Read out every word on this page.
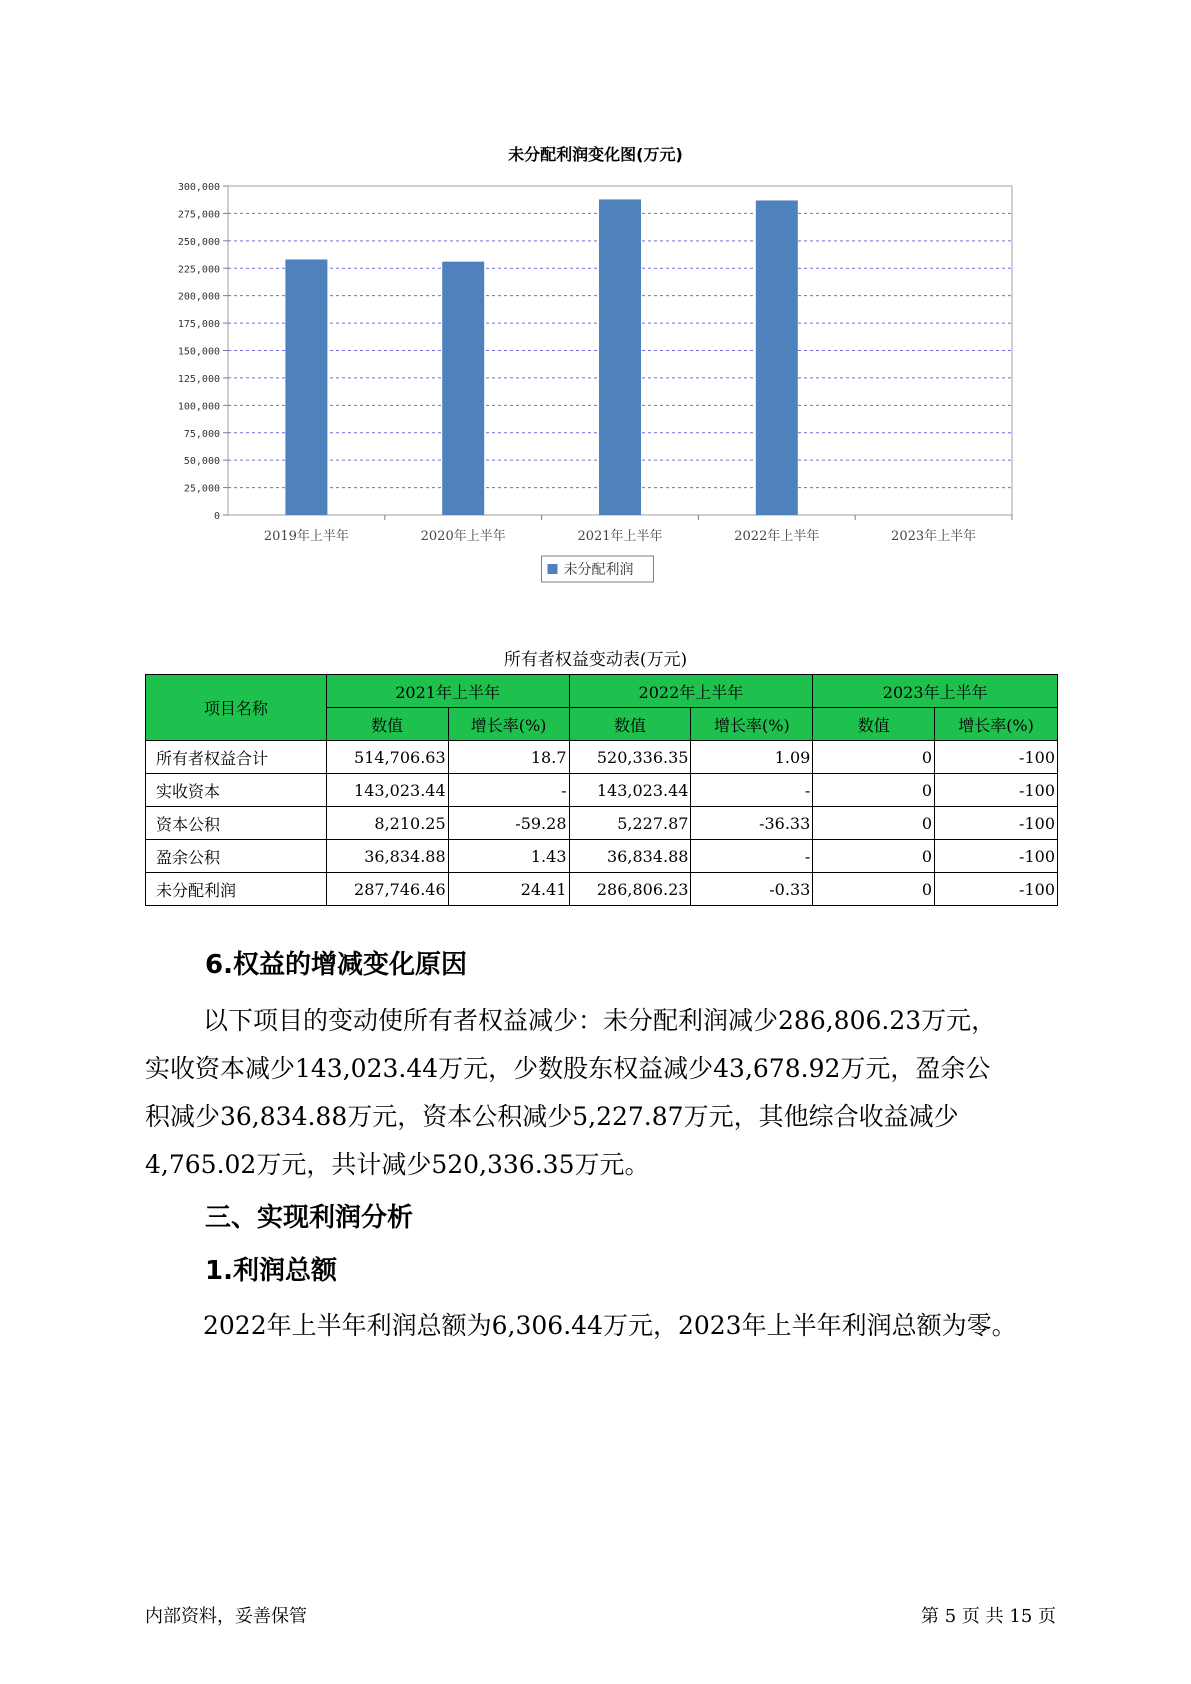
未分配利润变化图(万元)
0
25,000
50,000
75,000
100,000
125,000
150,000
175,000
200,000
225,000
250,000
275,000
300,000
2019年上半年	2020年上半年	2021年上半年	2022年上半年	2023年上半年
未分配利润
所有者权益变动表(万元)
项目名称	2021年上半年		2022年上半年		2023年上半年	
	数值	增长率(%)	数值	增长率(%)	数值	增长率(%)
所有者权益合计	514,706.63	18.7	520,336.35	1.09	0	-100
实收资本	143,023.44	-	143,023.44	-	0	-100
资本公积	8,210.25	-59.28	5,227.87	-36.33	0	-100
盈余公积	36,834.88	1.43	36,834.88	-	0	-100
未分配利润	287,746.46	24.41	286,806.23	-0.33	0	-100
6.权益的增减变化原因
以下项目的变动使所有者权益减少：未分配利润减少286,806.23万元，
实收资本减少143,023.44万元，少数股东权益减少43,678.92万元，盈余公
积减少36,834.88万元，资本公积减少5,227.87万元，其他综合收益减少
4,765.02万元，共计减少520,336.35万元。
三、实现利润分析
1.利润总额
2022年上半年利润总额为6,306.44万元，2023年上半年利润总额为零。
内部资料，妥善保管	第 5 页 共 15 页
